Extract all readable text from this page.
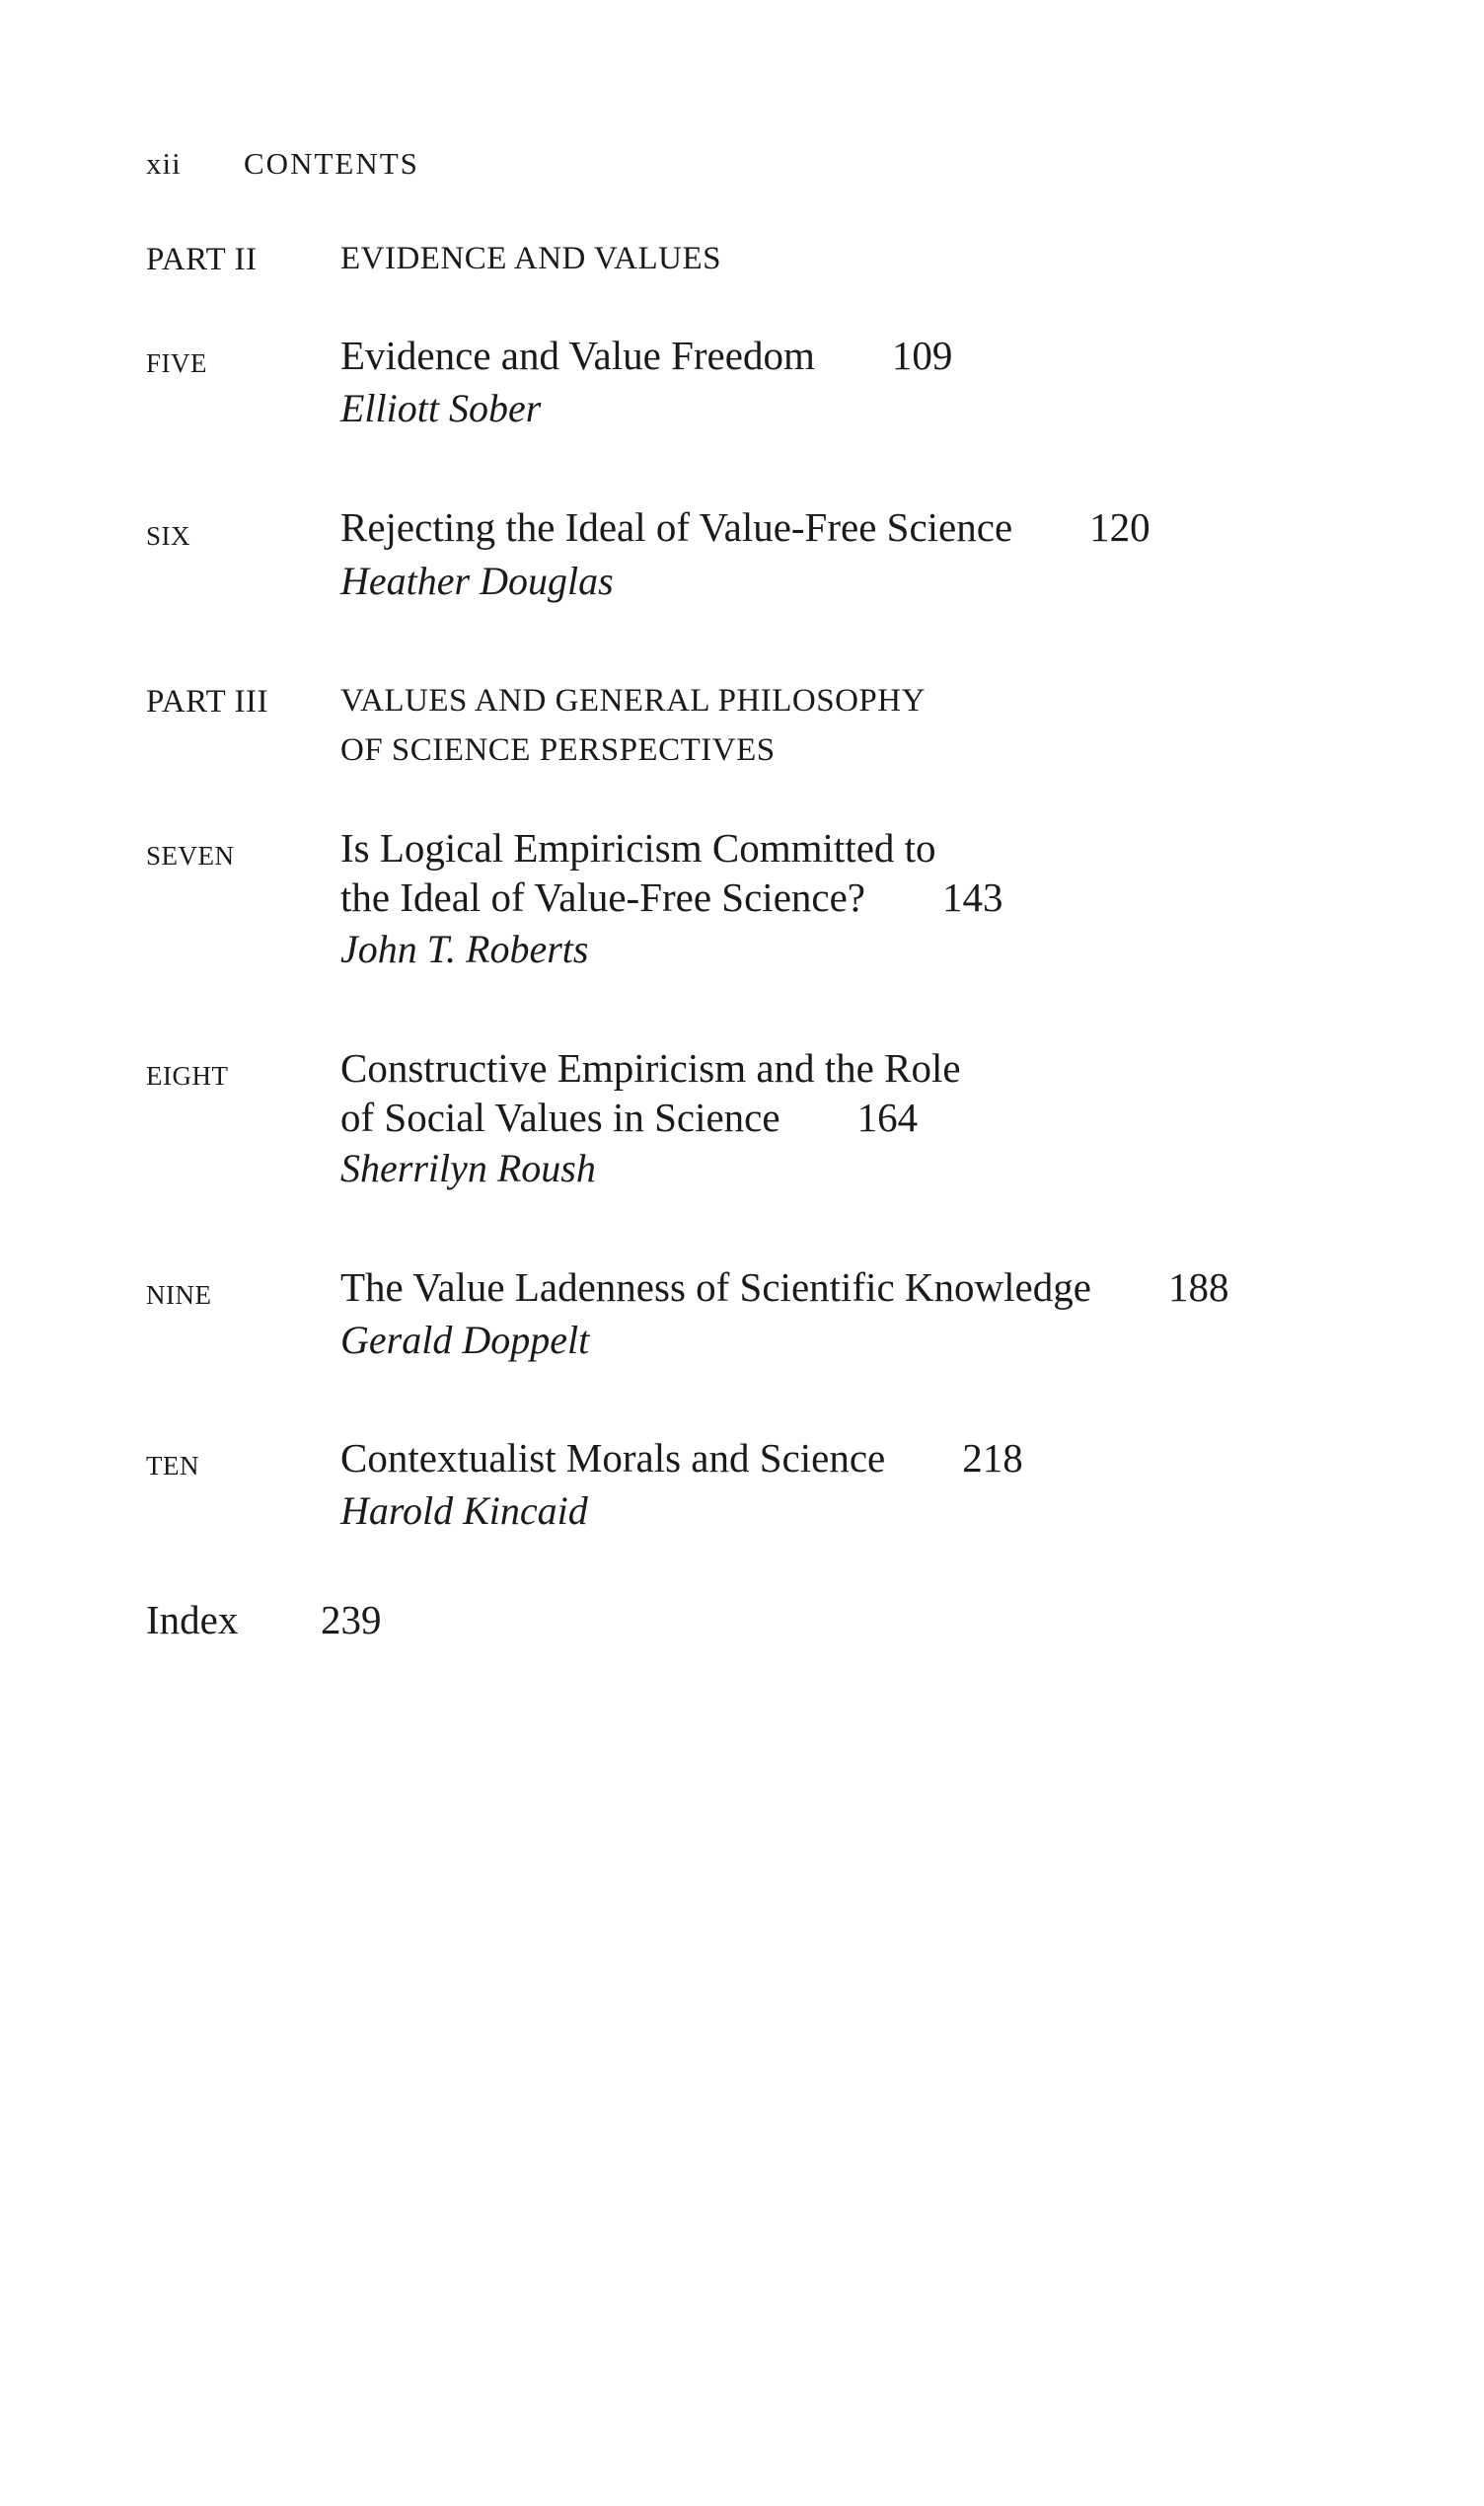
xii CONTENTS
PART II	EVIDENCE AND VALUES
FIVE	Evidence and Value Freedom 109
Elliott Sober
SIX	Rejecting the Ideal of Value-Free Science 120
Heather Douglas
PART III VALUES AND GENERAL PHILOSOPHY
OF SCIENCE PERSPECTIVES
SEVEN	Is Logical Empiricism Committed to
the Ideal of Value-Free Science? 143
John T. Roberts
EIGHT	Constructive Empiricism and the Role
of Social Values in Science 164
Sherrilyn Roush
NINE	The Value Ladenness of Scientific Knowledge 188
Gerald Doppelt
TEN	Contextualist Morals and Science 218
Harold Kincaid
Index 239
